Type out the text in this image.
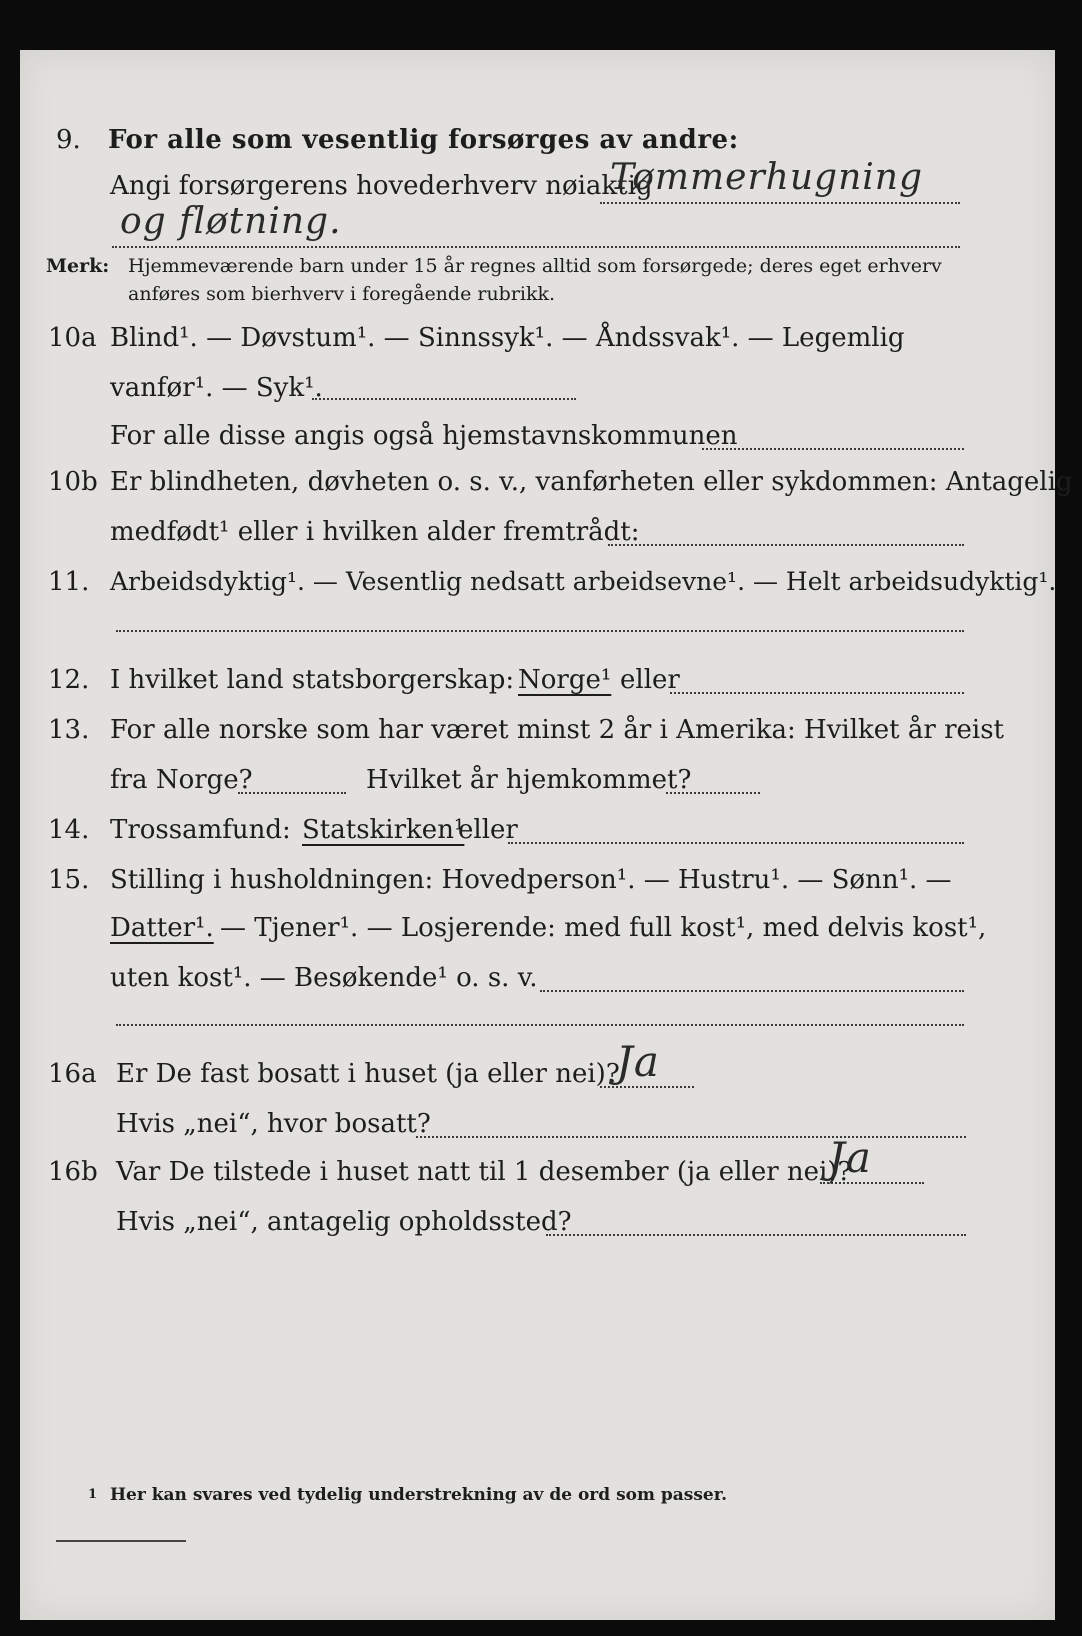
9. For alle som vesentlig forsørges av andre:
Angi forsørgerens hovederhverv nøiaktig
Tømmerhugning
og fløtning.
Merk: Hjemmeværende barn under 15 år regnes alltid som forsørgede; deres eget erhverv
anføres som bierhverv i foregående rubrikk.
10a Blind¹. — Døvstum¹. — Sinnssyk¹. — Åndssvak¹. — Legemlig
vanfør¹. — Syk¹.
For alle disse angis også hjemstavnskommunen
10b Er blindheten, døvheten o. s. v., vanførheten eller sykdommen: Antagelig
medfødt¹ eller i hvilken alder fremtrådt:
11. Arbeidsdyktig¹. — Vesentlig nedsatt arbeidsevne¹. — Helt arbeidsudyktig¹.
12. I hvilket land statsborgerskap: Norge¹ eller
13. For alle norske som har været minst 2 år i Amerika: Hvilket år reist
fra Norge?	Hvilket år hjemkommet?
14. Trossamfund: Statskirken¹
eller
15. Stilling i husholdningen: Hovedperson¹. — Hustru¹. — Sønn¹. —
Datter¹. — Tjener¹. — Losjerende: med full kost¹, med delvis kost¹,
uten kost¹. — Besøkende¹ o. s. v.
16a Er De fast bosatt i huset (ja eller nei)?
Ja
Hvis „nei“, hvor bosatt?
16b Var De tilstede i huset natt til 1 desember (ja eller nei)?
Ja
Hvis „nei“, antagelig opholdssted?
1 Her kan svares ved tydelig understrekning av de ord som passer.
